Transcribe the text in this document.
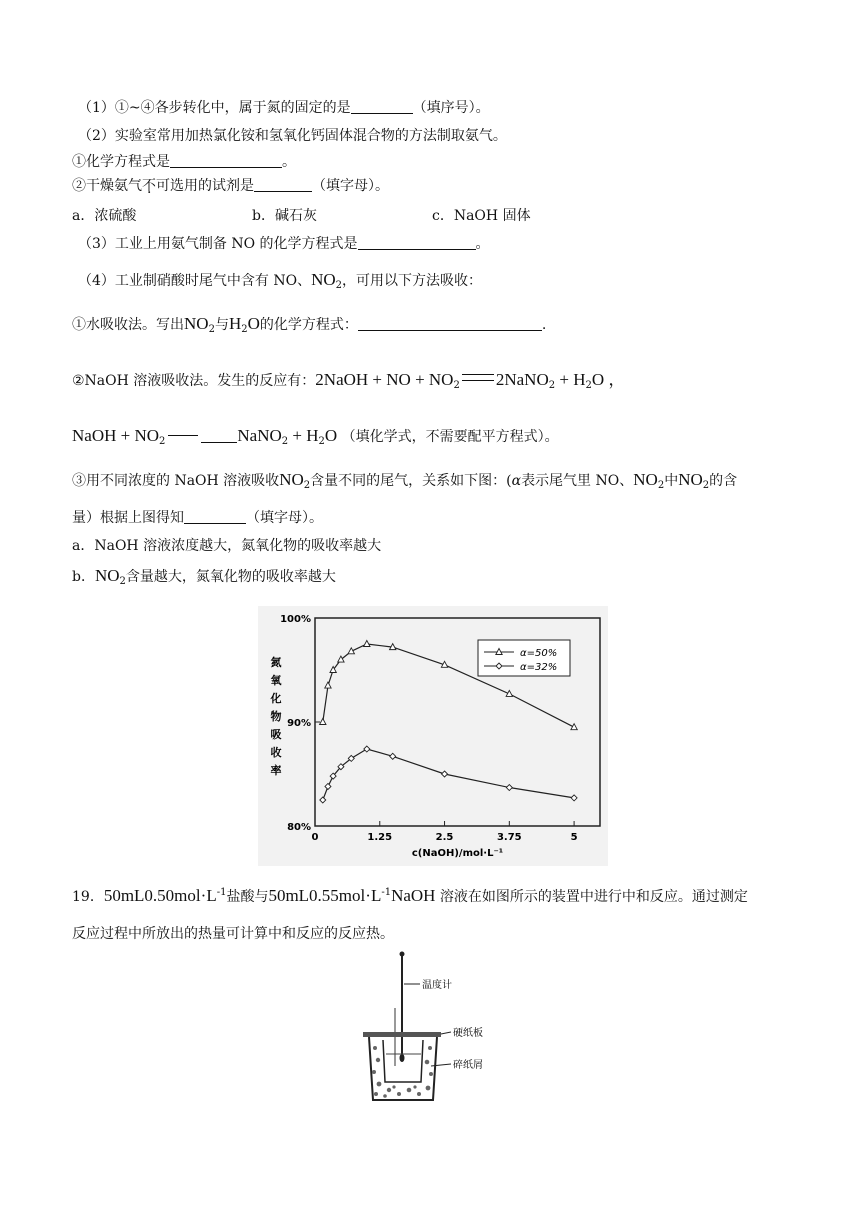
（1）①~④各步转化中，属于氮的固定的是	（填序号）。
（2）实验室常用加热氯化铵和氢氧化钙固体混合物的方法制取氨气。
①化学方程式是	。
②干燥氨气不可选用的试剂是	（填字母）。
a．浓硫酸	b．碱石灰	c．NaOH 固体
（3）工业上用氨气制备 NO 的化学方程式是	。
（4）工业制硝酸时尾气中含有 NO、$NO_2$，可用以下方法吸收：
①水吸收法。写出$NO_2$与$H_2O$的化学方程式：	.
②NaOH 溶液吸收法。发生的反应有：2NaOH + NO + $NO_2$ 2NaNO$_2$ + $H_2O$ ，
NaOH + $NO_2$	NaNO$_2$ + $H_2O$ （填化学式，不需要配平方程式）。
③用不同浓度的 NaOH 溶液吸收$NO_2$含量不同的尾气，关系如下图：(α表示尾气里 NO、$NO_2$中$NO_2$的含
量）根据上图得知	（填字母）。
a．NaOH 溶液浓度越大，氮氧化物的吸收率越大
b．$NO_2$含量越大，氮氧化物的吸收率越大
100%
90%
80%
0	1.25	2.5	3.75	5
c(NaOH)/mol·L⁻¹
氮
氧
化
物
吸
收
率
α=50%
α=32%
19．$50mL0.50mol\cdot L^{-1}$盐酸与$50mL0.55mol\cdot L^{-1}NaOH$ 溶液在如图所示的装置中进行中和反应。通过测定
反应过程中所放出的热量可计算中和反应的反应热。
温度计
硬纸板
碎纸屑
